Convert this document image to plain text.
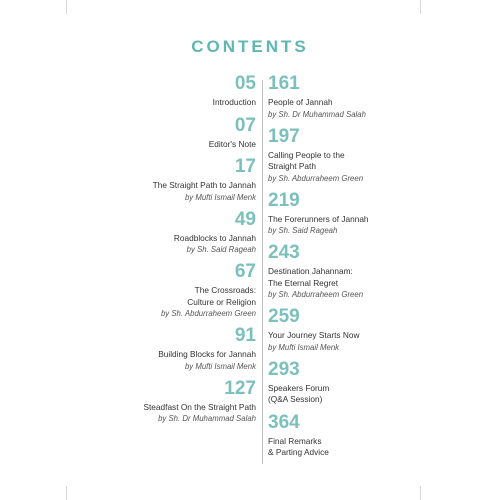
CONTENTS
05
Introduction
07
Editor's Note
17
The Straight Path to Jannah
by Mufti Ismail Menk
49
Roadblocks to Jannah
by Sh. Said Rageah
67
The Crossroads:
Culture or Religion
by Sh. Abdurraheem Green
91
Building Blocks for Jannah
by Mufti Ismail Menk
127
Steadfast On the Straight Path
by Sh. Dr Muhammad Salah
161
People of Jannah
by Sh. Dr Muhammad Salah
197
Calling People to the
Straight Path
by Sh. Abdurraheem Green
219
The Forerunners of Jannah
by Sh. Said Rageah
243
Destination Jahannam:
The Eternal Regret
by Sh. Abdurraheem Green
259
Your Journey Starts Now
by Mufti Ismail Menk
293
Speakers Forum
(Q&A Session)
364
Final Remarks
& Parting Advice
